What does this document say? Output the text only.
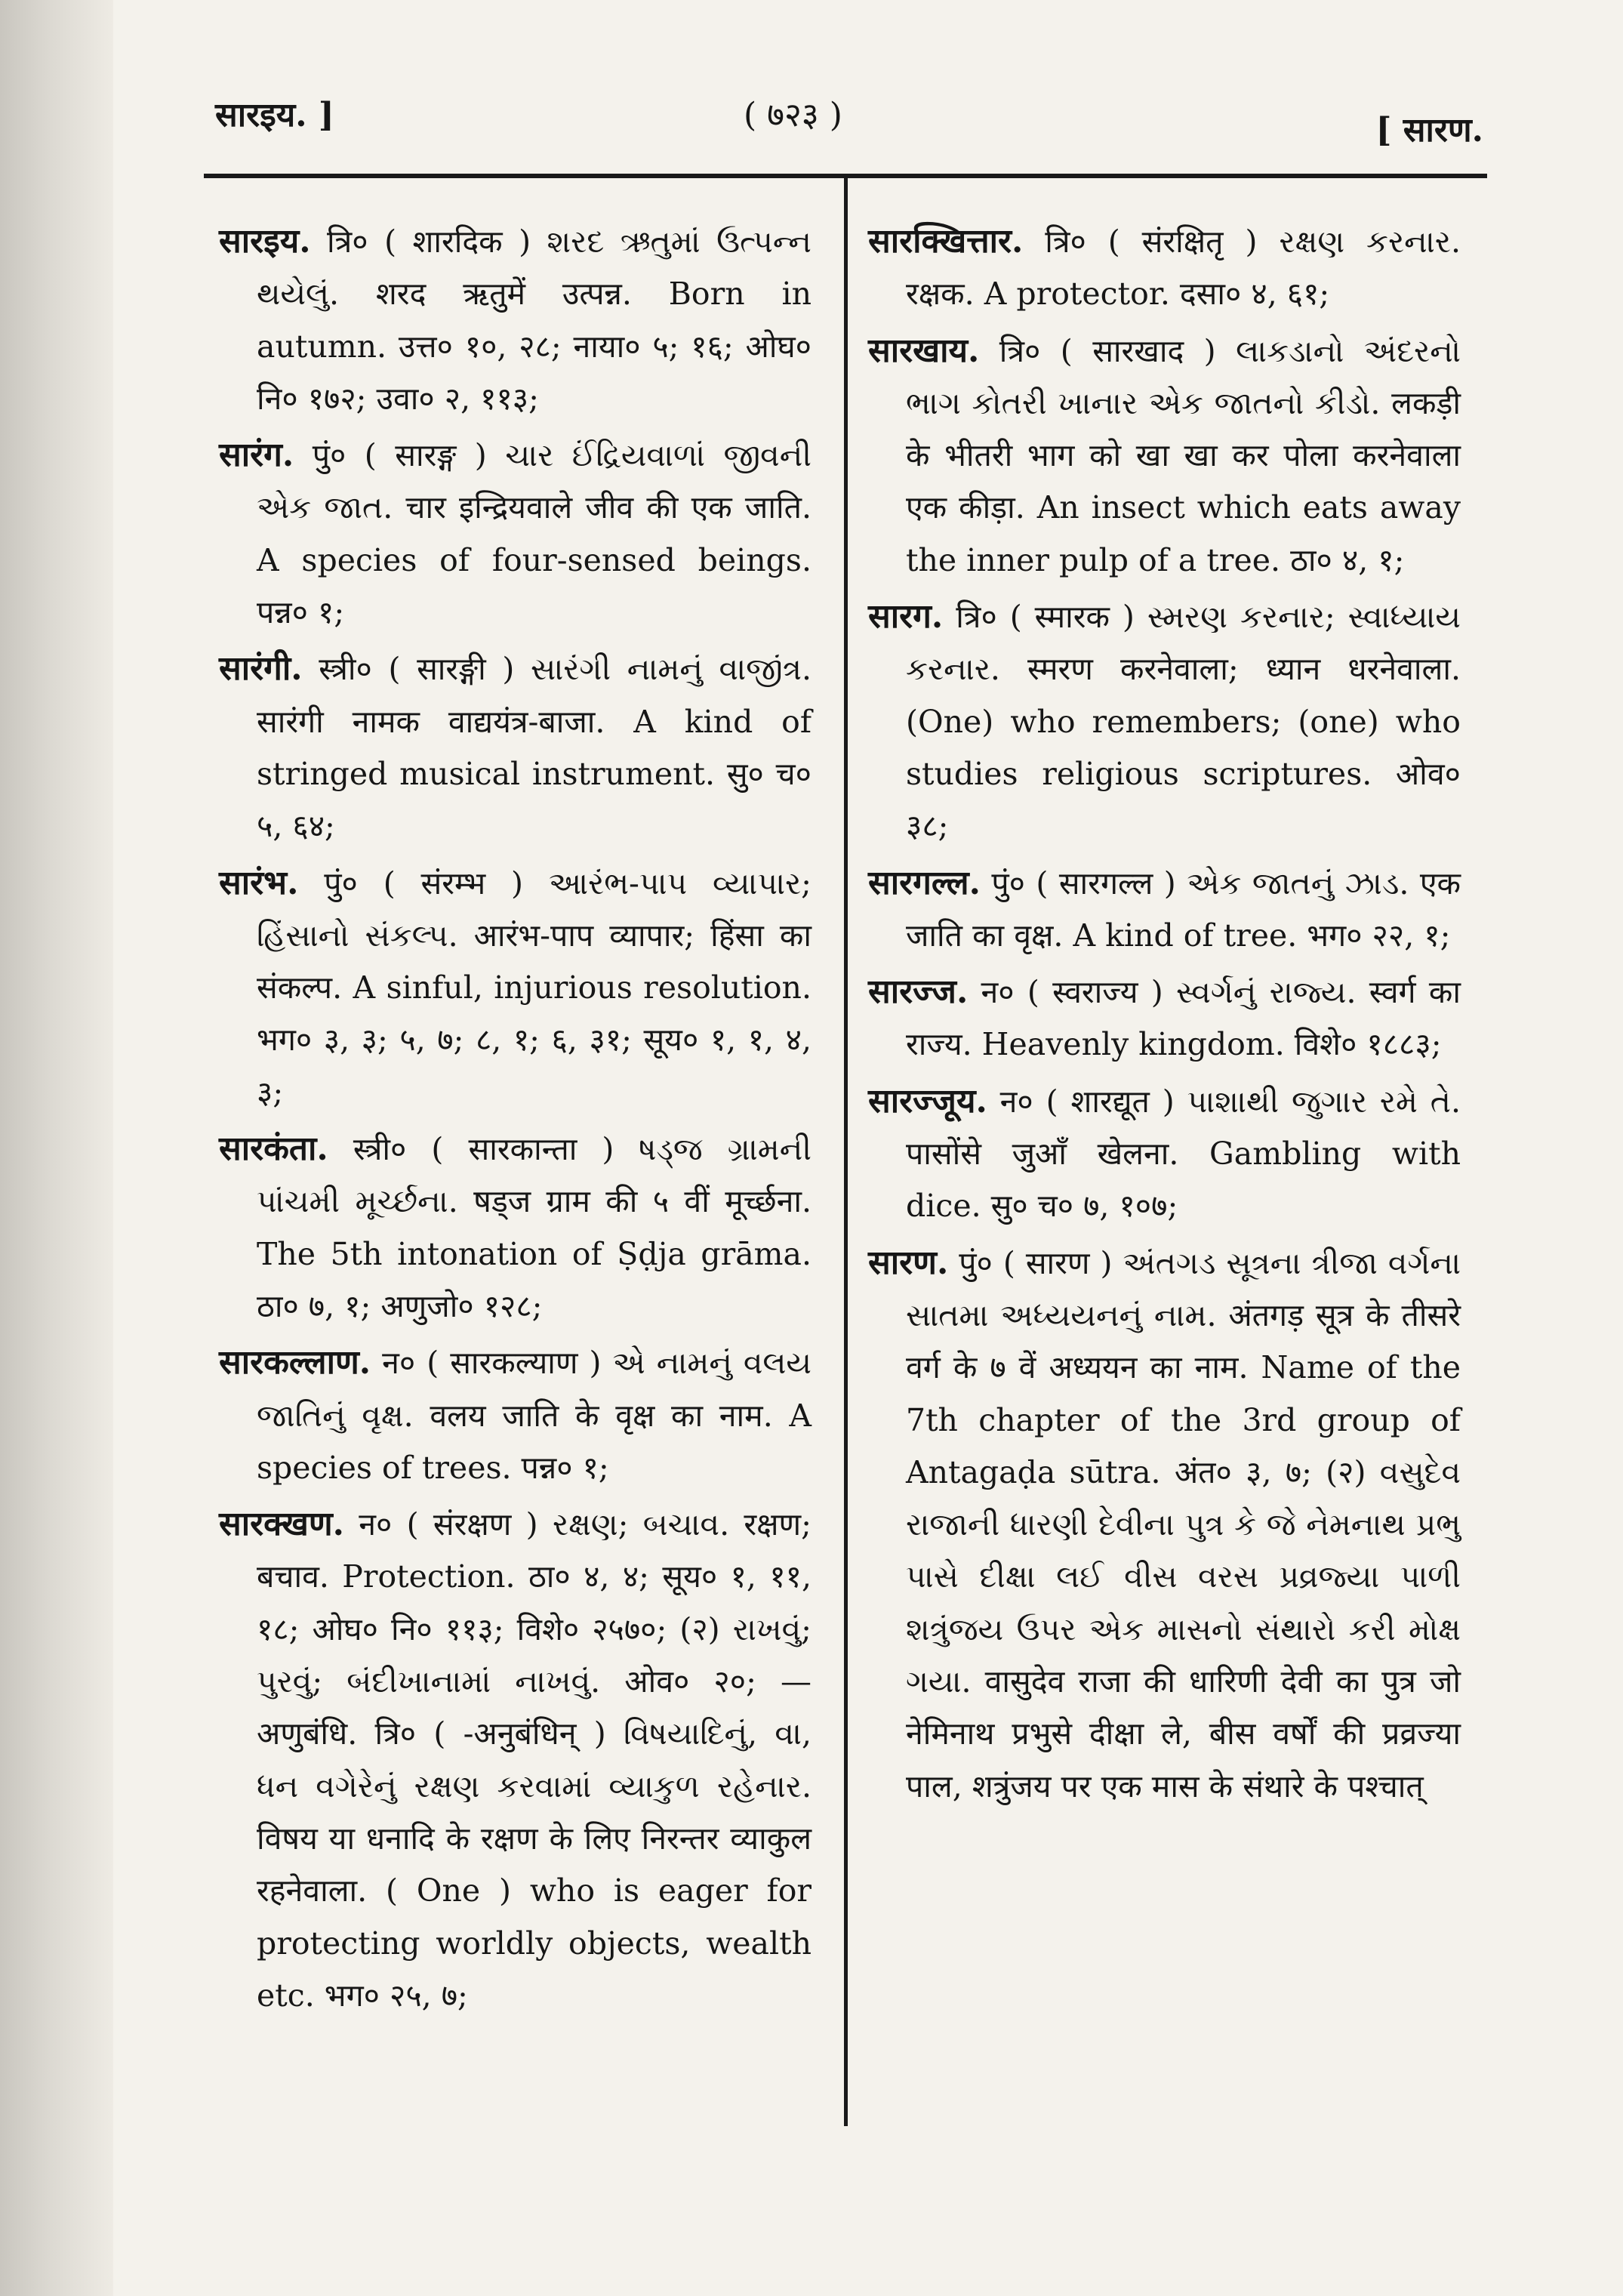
सारइय. ]	( ७२३ )	[ सारण.

सारइय. त्रि० ( शारदिक ) શરદ ઋતુમાં ઉત્પન્ન થયેલું. शरद ऋतुमें उत्पन्न. Born in autumn. उत्त० १०, २८; नाया० ५; १६; ओघ० नि० १७२; उवा० २, ११३;

सारंग. पुं० ( सारङ्ग ) ચાર ઈંદ્રિયવાળાં જીવની એક જાત. चार इन्द्रियवाले जीव की एक जाति. A species of four-sensed beings. पन्न० १;

सारंगी. स्त्री० ( सारङ्गी ) સારંગી નામનું વાજીંત્ર. सारंगी नामक वाद्ययंत्र-बाजा. A kind of stringed musical instrument. सु० च० ५, ६४;

सारंभ. पुं० ( संरम्भ ) આરંભ-પાપ વ્યાપાર; હિંસાનો સંકલ્પ. आरंभ-पाप व्यापार; हिंसा का संकल्प. A sinful, injurious resolution. भग० ३, ३; ५, ७; ८, १; ६, ३१; सूय० १, १, ४, ३;

सारकंता. स्त्री० ( सारकान्ता ) ષડ્જ ગ્રામની પાંચમી મૂર્ચ્છના. षड्ज ग्राम की ५ वीं मूर्च्छना. The 5th intonation of Ṣḍja grāma. ठा० ७, १; अणुजो० १२८;

सारकल्लाण. न० ( सारकल्याण ) એ નામનું વલય જાતિનું વૃક્ષ. वलय जाति के वृक्ष का नाम. A species of trees. पन्न० १;

सारक्खण. न० ( संरक्षण ) રક્ષણ; બચાવ. रक्षण; बचाव. Protection. ठा० ४, ४; सूय० १, ११, १८; ओघ० नि० ११३; विशे० २५७०; (२) રાખવું; પુરવું; બંદીખાનામાં નાખવું. ओव० २०; —अणुबंधि. त्रि० ( -अनुबंधिन् ) વિષયાદિનું, વા, ધન વગેરેનું રક્ષણ કરવામાં વ્યાકુળ રહેનાર. विषय या धनादि के रक्षण के लिए निरन्तर व्याकुल रहनेवाला. ( One ) who is eager for protecting worldly objects, wealth etc. भग० २५, ७;

सारक्खित्तार. त्रि० ( संरक्षितृ ) રક્ષણ કરનાર. रक्षक. A protector. दसा० ४, ६१;

सारखाय. त्रि० ( सारखाद ) લાકડાનો અંદરનો ભાગ કોતરી ખાનાર એક જાતનો કીડો. लकड़ी के भीतरी भाग को खा खा कर पोला करनेवाला एक कीड़ा. An insect which eats away the inner pulp of a tree. ठा० ४, १;

सारग. त्रि० ( स्मारक ) સ્મરણ કરનાર; સ્વાધ્યાય કરનાર. स्मरण करनेवाला; ध्यान धरनेवाला. (One) who remembers; (one) who studies religious scriptures. ओव० ३८;

सारगल्ल. पुं० ( सारगल्ल ) એક જાતનું ઝાડ. एक जाति का वृक्ष. A kind of tree. भग० २२, १;

सारज्ज. न० ( स्वराज्य ) સ્વર્ગનું રાજ્ય. स्वर्ग का राज्य. Heavenly kingdom. विशे० १८८३;

सारज्जूय. न० ( शारद्यूत ) પાશાથી જુગાર રમે તે. पासोंसे जुआँ खेलना. Gambling with dice. सु० च० ७, १०७;

सारण. पुं० ( सारण ) અંતગડ સૂત્રના ત્રીજા વર્ગના સાતમા અધ્યયનનું નામ. अंतगड़ सूत्र के तीसरे वर्ग के ७ वें अध्ययन का नाम. Name of the 7th chapter of the 3rd group of Antagaḍa sūtra. अंत० ३, ७; (२) વસુદેવ રાજાની ધારણી દેવીના પુત્ર કે જે નેમનાથ પ્રભુ પાસે દીક્ષા લઈ વીસ વરસ પ્રવ્રજ્યા પાળી શત્રુંજય ઉપર એક માસનો સંથારો કરી મોક્ષ ગયા. वासुदेव राजा की धारिणी देवी का पुत्र जो नेमिनाथ प्रभुसे दीक्षा ले, बीस वर्षों की प्रव्रज्या पाल, शत्रुंजय पर एक मास के संथारे के पश्चात्
